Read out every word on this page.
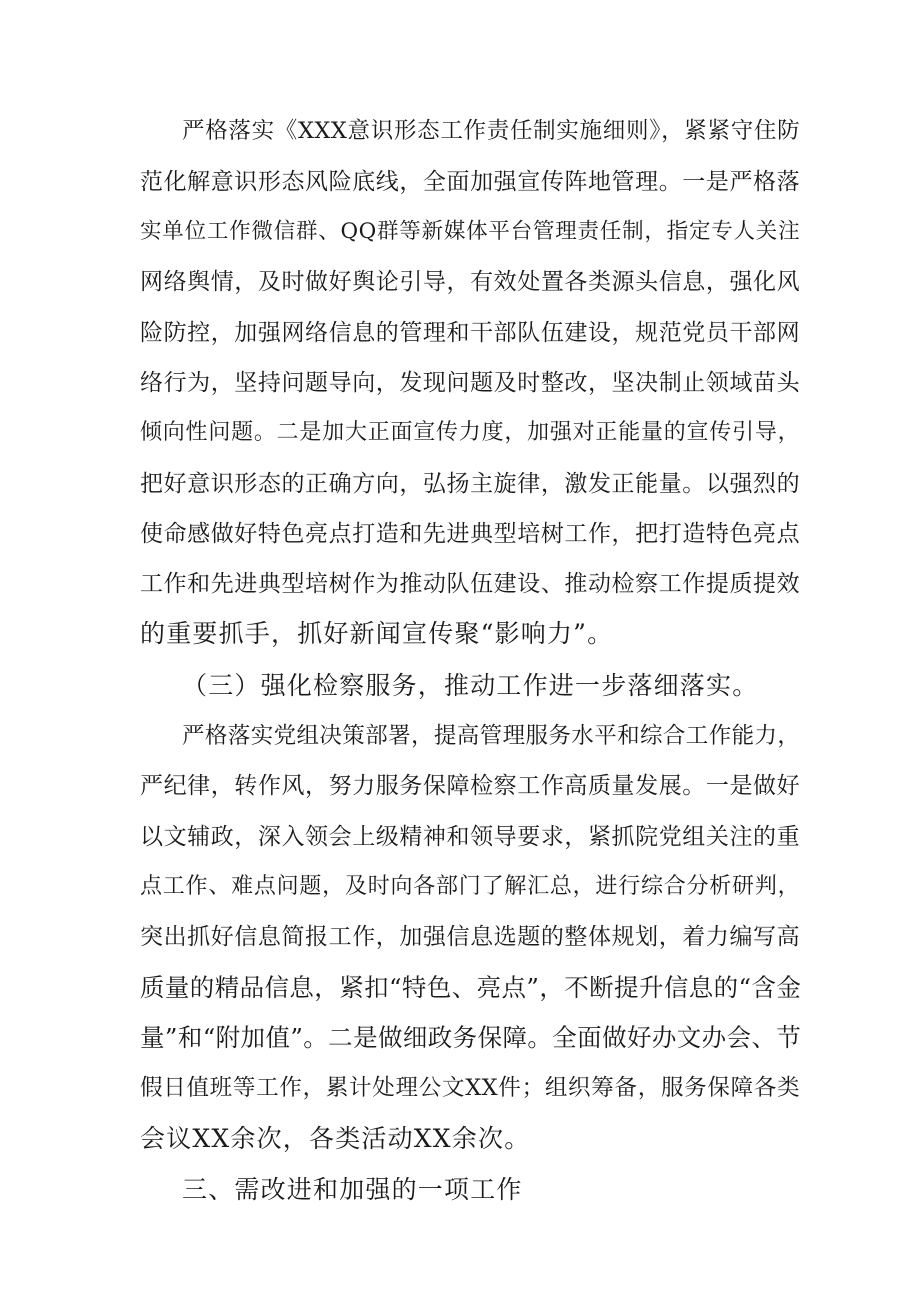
严格落实《XXX意识形态工作责任制实施细则》，紧紧守住防
范化解意识形态风险底线，全面加强宣传阵地管理。一是严格落
实单位工作微信群、QQ群等新媒体平台管理责任制，指定专人关注
网络舆情，及时做好舆论引导，有效处置各类源头信息，强化风
险防控，加强网络信息的管理和干部队伍建设，规范党员干部网
络行为，坚持问题导向，发现问题及时整改，坚决制止领域苗头
倾向性问题。二是加大正面宣传力度，加强对正能量的宣传引导，
把好意识形态的正确方向，弘扬主旋律，激发正能量。以强烈的
使命感做好特色亮点打造和先进典型培树工作，把打造特色亮点
工作和先进典型培树作为推动队伍建设、推动检察工作提质提效
的重要抓手，抓好新闻宣传聚“影响力”。
（三）强化检察服务，推动工作进一步落细落实。
严格落实党组决策部署，提高管理服务水平和综合工作能力，
严纪律，转作风，努力服务保障检察工作高质量发展。一是做好
以文辅政，深入领会上级精神和领导要求，紧抓院党组关注的重
点工作、难点问题，及时向各部门了解汇总，进行综合分析研判，
突出抓好信息简报工作，加强信息选题的整体规划，着力编写高
质量的精品信息，紧扣“特色、亮点”，不断提升信息的“含金
量”和“附加值”。二是做细政务保障。全面做好办文办会、节
假日值班等工作，累计处理公文XX件；组织筹备，服务保障各类
会议XX余次，各类活动XX余次。
三、需改进和加强的一项工作
